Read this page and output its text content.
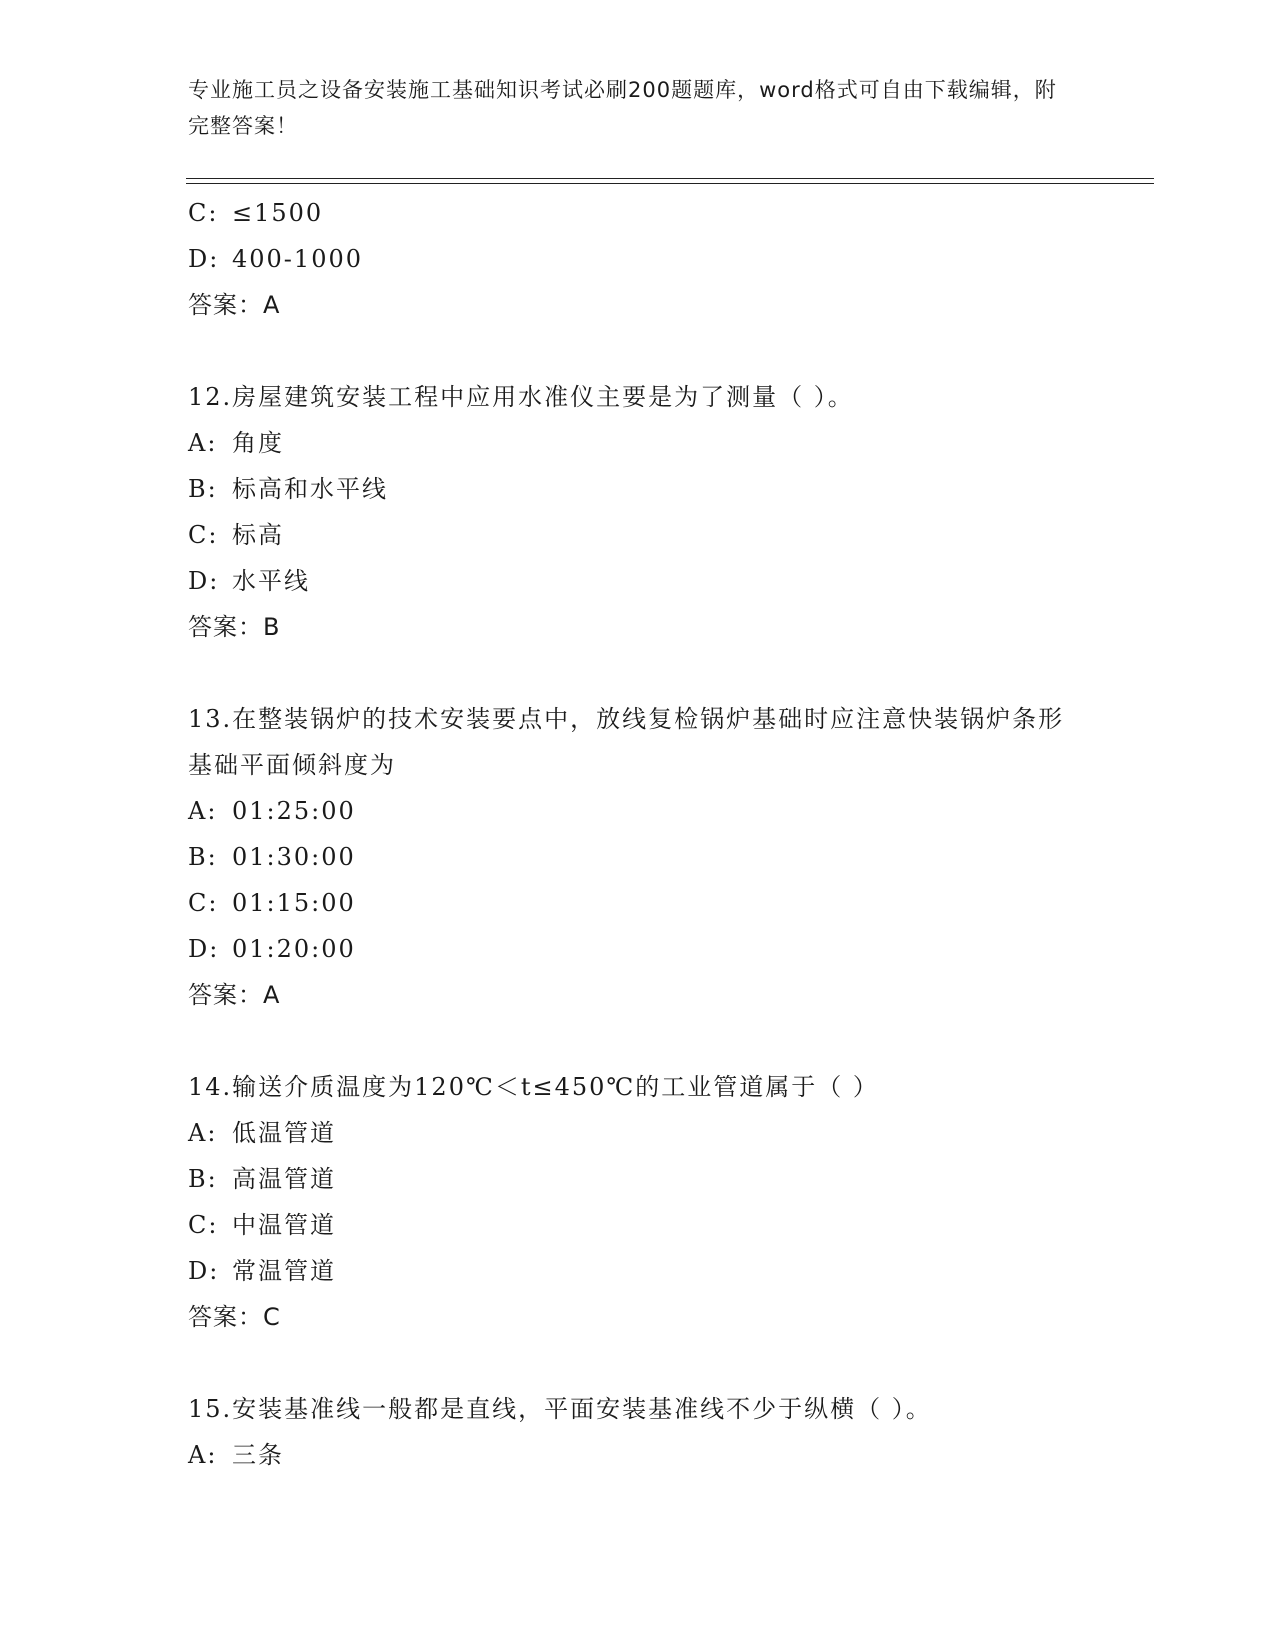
专业施工员之设备安装施工基础知识考试必刷200题题库，word格式可自由下载编辑，附完整答案！
C: ≤1500
D: 400-1000
答案：A
12.房屋建筑安装工程中应用水准仪主要是为了测量（ ）。
A: 角度
B: 标高和水平线
C: 标高
D: 水平线
答案：B
13.在整装锅炉的技术安装要点中，放线复检锅炉基础时应注意快装锅炉条形基础平面倾斜度为
A: 01:25:00
B: 01:30:00
C: 01:15:00
D: 01:20:00
答案：A
14.输送介质温度为120℃＜t≤450℃的工业管道属于（ ）
A: 低温管道
B: 高温管道
C: 中温管道
D: 常温管道
答案：C
15.安装基准线一般都是直线，平面安装基准线不少于纵横（ ）。
A: 三条
